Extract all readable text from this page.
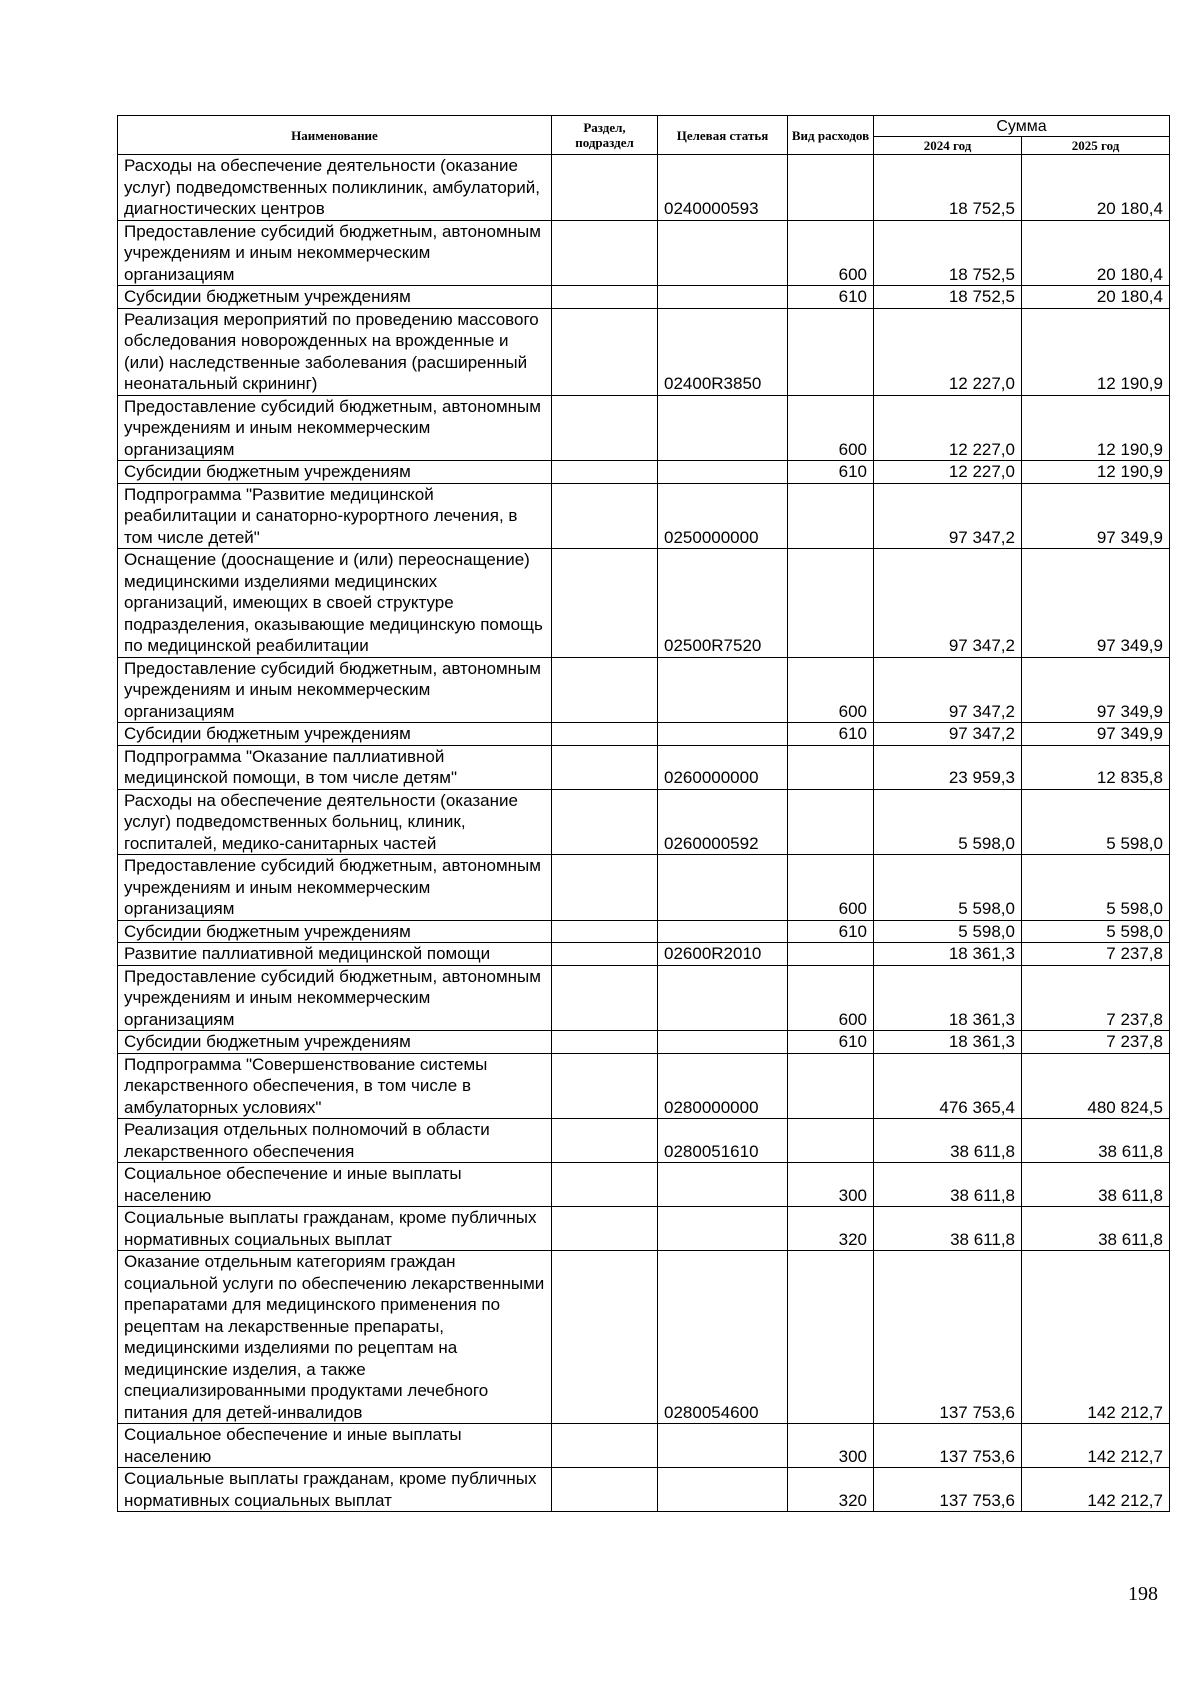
Наименование	Раздел, подраздел	Целевая статья	Вид расходов	Сумма	
				2024 год	2025 год
Расходы на обеспечение деятельности (оказание услуг) подведомственных поликлиник, амбулаторий, диагностических центров		0240000593		18 752,5	20 180,4
Предоставление субсидий бюджетным, автономным учреждениям и иным некоммерческим организациям			600	18 752,5	20 180,4
Субсидии бюджетным учреждениям			610	18 752,5	20 180,4
Реализация мероприятий по проведению массового обследования новорожденных на врожденные и (или) наследственные заболевания (расширенный неонатальный скрининг)		02400R3850		12 227,0	12 190,9
Предоставление субсидий бюджетным, автономным учреждениям и иным некоммерческим организациям			600	12 227,0	12 190,9
Субсидии бюджетным учреждениям			610	12 227,0	12 190,9
Подпрограмма "Развитие медицинской реабилитации и санаторно-курортного лечения, в том числе детей"		0250000000		97 347,2	97 349,9
Оснащение (дооснащение и (или) переоснащение) медицинскими изделиями медицинских организаций, имеющих в своей структуре подразделения, оказывающие медицинскую помощь по медицинской реабилитации		02500R7520		97 347,2	97 349,9
Предоставление субсидий бюджетным, автономным учреждениям и иным некоммерческим организациям			600	97 347,2	97 349,9
Субсидии бюджетным учреждениям			610	97 347,2	97 349,9
Подпрограмма "Оказание паллиативной медицинской помощи, в том числе детям"		0260000000		23 959,3	12 835,8
Расходы на обеспечение деятельности (оказание услуг) подведомственных больниц, клиник, госпиталей, медико-санитарных частей		0260000592		5 598,0	5 598,0
Предоставление субсидий бюджетным, автономным учреждениям и иным некоммерческим организациям			600	5 598,0	5 598,0
Субсидии бюджетным учреждениям			610	5 598,0	5 598,0
Развитие паллиативной медицинской помощи		02600R2010		18 361,3	7 237,8
Предоставление субсидий бюджетным, автономным учреждениям и иным некоммерческим организациям			600	18 361,3	7 237,8
Субсидии бюджетным учреждениям			610	18 361,3	7 237,8
Подпрограмма "Совершенствование системы лекарственного обеспечения, в том числе в амбулаторных условиях"		0280000000		476 365,4	480 824,5
Реализация отдельных полномочий в области лекарственного обеспечения		0280051610		38 611,8	38 611,8
Социальное обеспечение и иные выплаты населению			300	38 611,8	38 611,8
Социальные выплаты гражданам, кроме публичных нормативных социальных выплат			320	38 611,8	38 611,8
Оказание отдельным категориям граждан социальной услуги по обеспечению лекарственными препаратами для медицинского применения по рецептам на лекарственные препараты, медицинскими изделиями по рецептам на медицинские изделия, а также специализированными продуктами лечебного питания для детей-инвалидов		0280054600		137 753,6	142 212,7
Социальное обеспечение и иные выплаты населению			300	137 753,6	142 212,7
Социальные выплаты гражданам, кроме публичных нормативных социальных выплат			320	137 753,6	142 212,7
198
